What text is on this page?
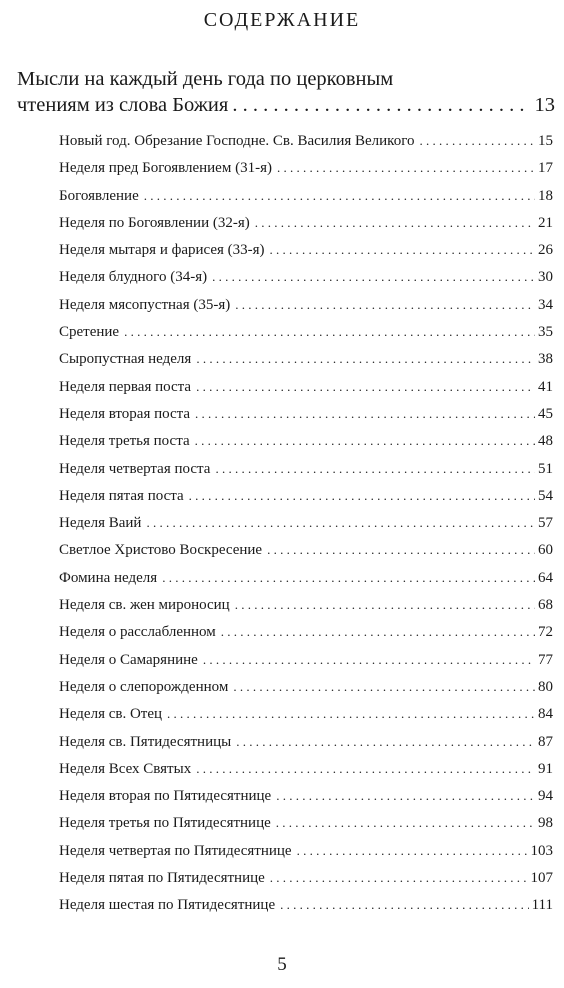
СОДЕРЖАНИЕ
Мысли на каждый день года по церковным
чтениям из слова Божия . . .	13
Новый год. Обрезание Господне. Св. Василия Великого . . .	15
Неделя пред Богоявлением (31-я) . . .	17
Богоявление . . .	18
Неделя по Богоявлении (32-я) . . .	21
Неделя мытаря и фарисея (33-я) . . .	26
Неделя блудного (34-я) . . .	30
Неделя мясопустная (35-я) . . .	34
Сретение . . .	35
Сыропустная неделя . . .	38
Неделя первая поста . . .	41
Неделя вторая поста . . .	45
Неделя третья поста . . .	48
Неделя четвертая поста . . .	51
Неделя пятая поста . . .	54
Неделя Ваий . . .	57
Светлое Христово Воскресение . . .	60
Фомина неделя . . .	64
Неделя св. жен мироносиц . . .	68
Неделя о расслабленном . . .	72
Неделя о Самарянине . . .	77
Неделя о слепорожденном . . .	80
Неделя св. Отец . . .	84
Неделя св. Пятидесятницы . . .	87
Неделя Всех Святых . . .	91
Неделя вторая по Пятидесятнице . . .	94
Неделя третья по Пятидесятнице . . .	98
Неделя четвертая по Пятидесятнице . . .	103
Неделя пятая по Пятидесятнице . . .	107
Неделя шестая по Пятидесятнице . . .	111
5
